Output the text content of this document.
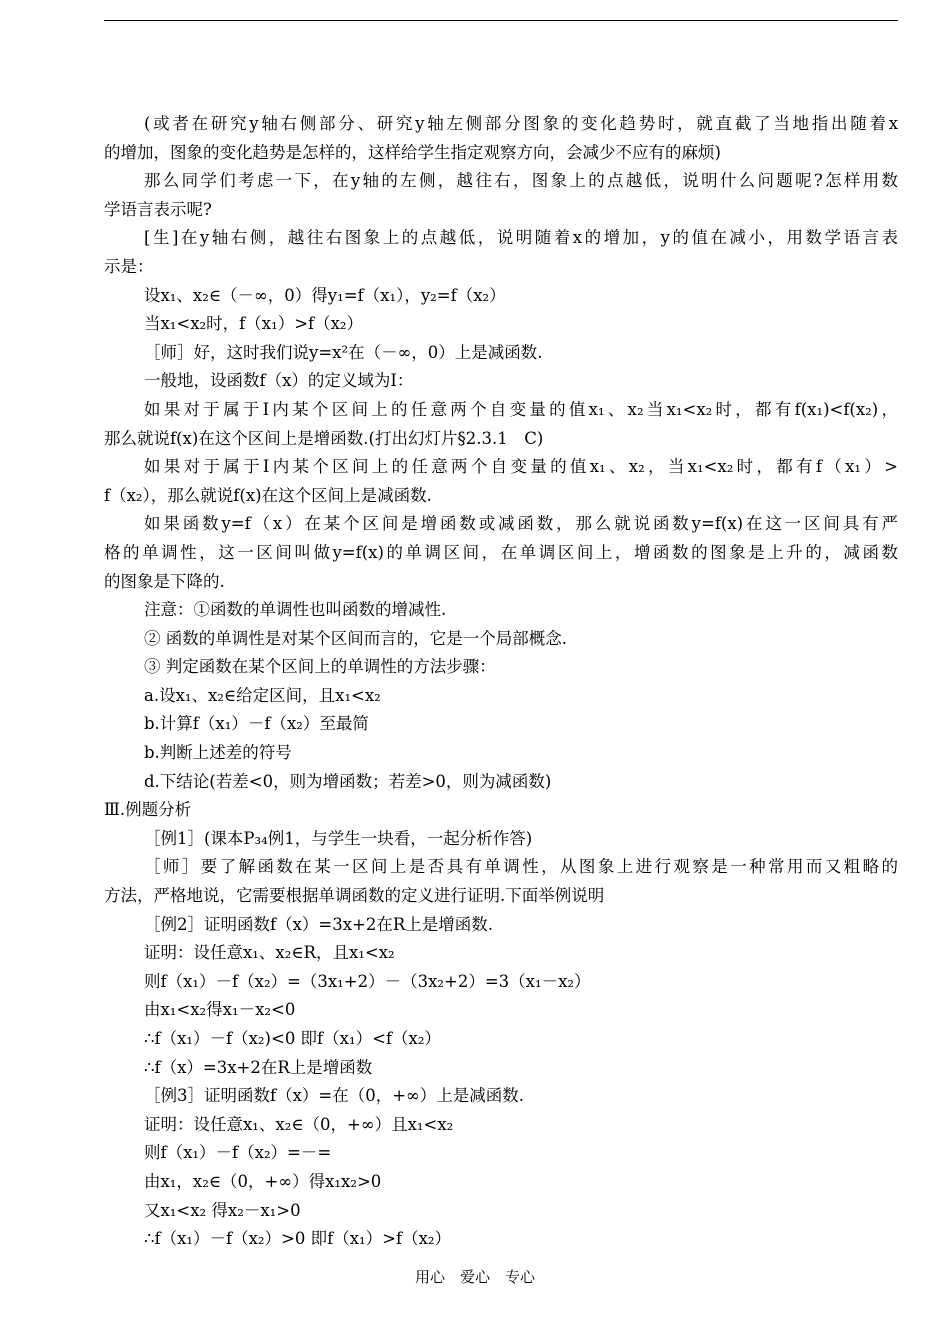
(或者在研究y轴右侧部分、研究y轴左侧部分图象的变化趋势时，就直截了当地指出随着x
的增加，图象的变化趋势是怎样的，这样给学生指定观察方向，会减少不应有的麻烦)
那么同学们考虑一下，在y轴的左侧，越往右，图象上的点越低，说明什么问题呢?怎样用数
学语言表示呢?
[生]在y轴右侧，越往右图象上的点越低，说明随着x的增加，y的值在减小，用数学语言表
示是：
设x₁、x₂∈（－∞，0）得y₁=f（x₁），y₂=f（x₂）
当x₁<x₂时，f（x₁）>f（x₂）
［师］好，这时我们说y=x²在（－∞，0）上是减函数.
一般地，设函数f（x）的定义域为Ⅰ：
如果对于属于Ⅰ内某个区间上的任意两个自变量的值x₁、x₂当x₁<x₂时，都有f(x₁)<f(x₂)，
那么就说f(x)在这个区间上是增函数.(打出幻灯片§2.3.1　C)
如果对于属于Ⅰ内某个区间上的任意两个自变量的值x₁、x₂，当x₁<x₂时，都有f（x₁）>
f（x₂），那么就说f(x)在这个区间上是减函数.
如果函数y=f（x）在某个区间是增函数或减函数，那么就说函数y=f(x)在这一区间具有严
格的单调性，这一区间叫做y=f(x)的单调区间，在单调区间上，增函数的图象是上升的，减函数
的图象是下降的.
注意：①函数的单调性也叫函数的增减性.
② 函数的单调性是对某个区间而言的，它是一个局部概念.
③ 判定函数在某个区间上的单调性的方法步骤：
a.设x₁、x₂∈给定区间，且x₁<x₂
b.计算f（x₁）－f（x₂）至最简
b.判断上述差的符号
d.下结论(若差<0，则为增函数；若差>0，则为减函数)
Ⅲ.例题分析
［例1］(课本P₃₄例1，与学生一块看，一起分析作答)
［师］要了解函数在某一区间上是否具有单调性，从图象上进行观察是一种常用而又粗略的
方法，严格地说，它需要根据单调函数的定义进行证明.下面举例说明
［例2］证明函数f（x）=3x+2在R上是增函数.
证明：设任意x₁、x₂∈R，且x₁<x₂
则f（x₁）－f（x₂）=（3x₁+2）－（3x₂+2）=3（x₁－x₂）
由x₁<x₂得x₁－x₂<0
∴f（x₁）－f（x₂)<0 即f（x₁）<f（x₂）
∴f（x）=3x+2在R上是增函数
［例3］证明函数f（x）=在（0，+∞）上是减函数.
证明：设任意x₁、x₂∈（0，+∞）且x₁<x₂
则f（x₁）－f（x₂）=－=
由x₁，x₂∈（0，+∞）得x₁x₂>0
又x₁<x₂ 得x₂－x₁>0
∴f（x₁）－f（x₂）>0 即f（x₁）>f（x₂）
用心　爱心　专心
